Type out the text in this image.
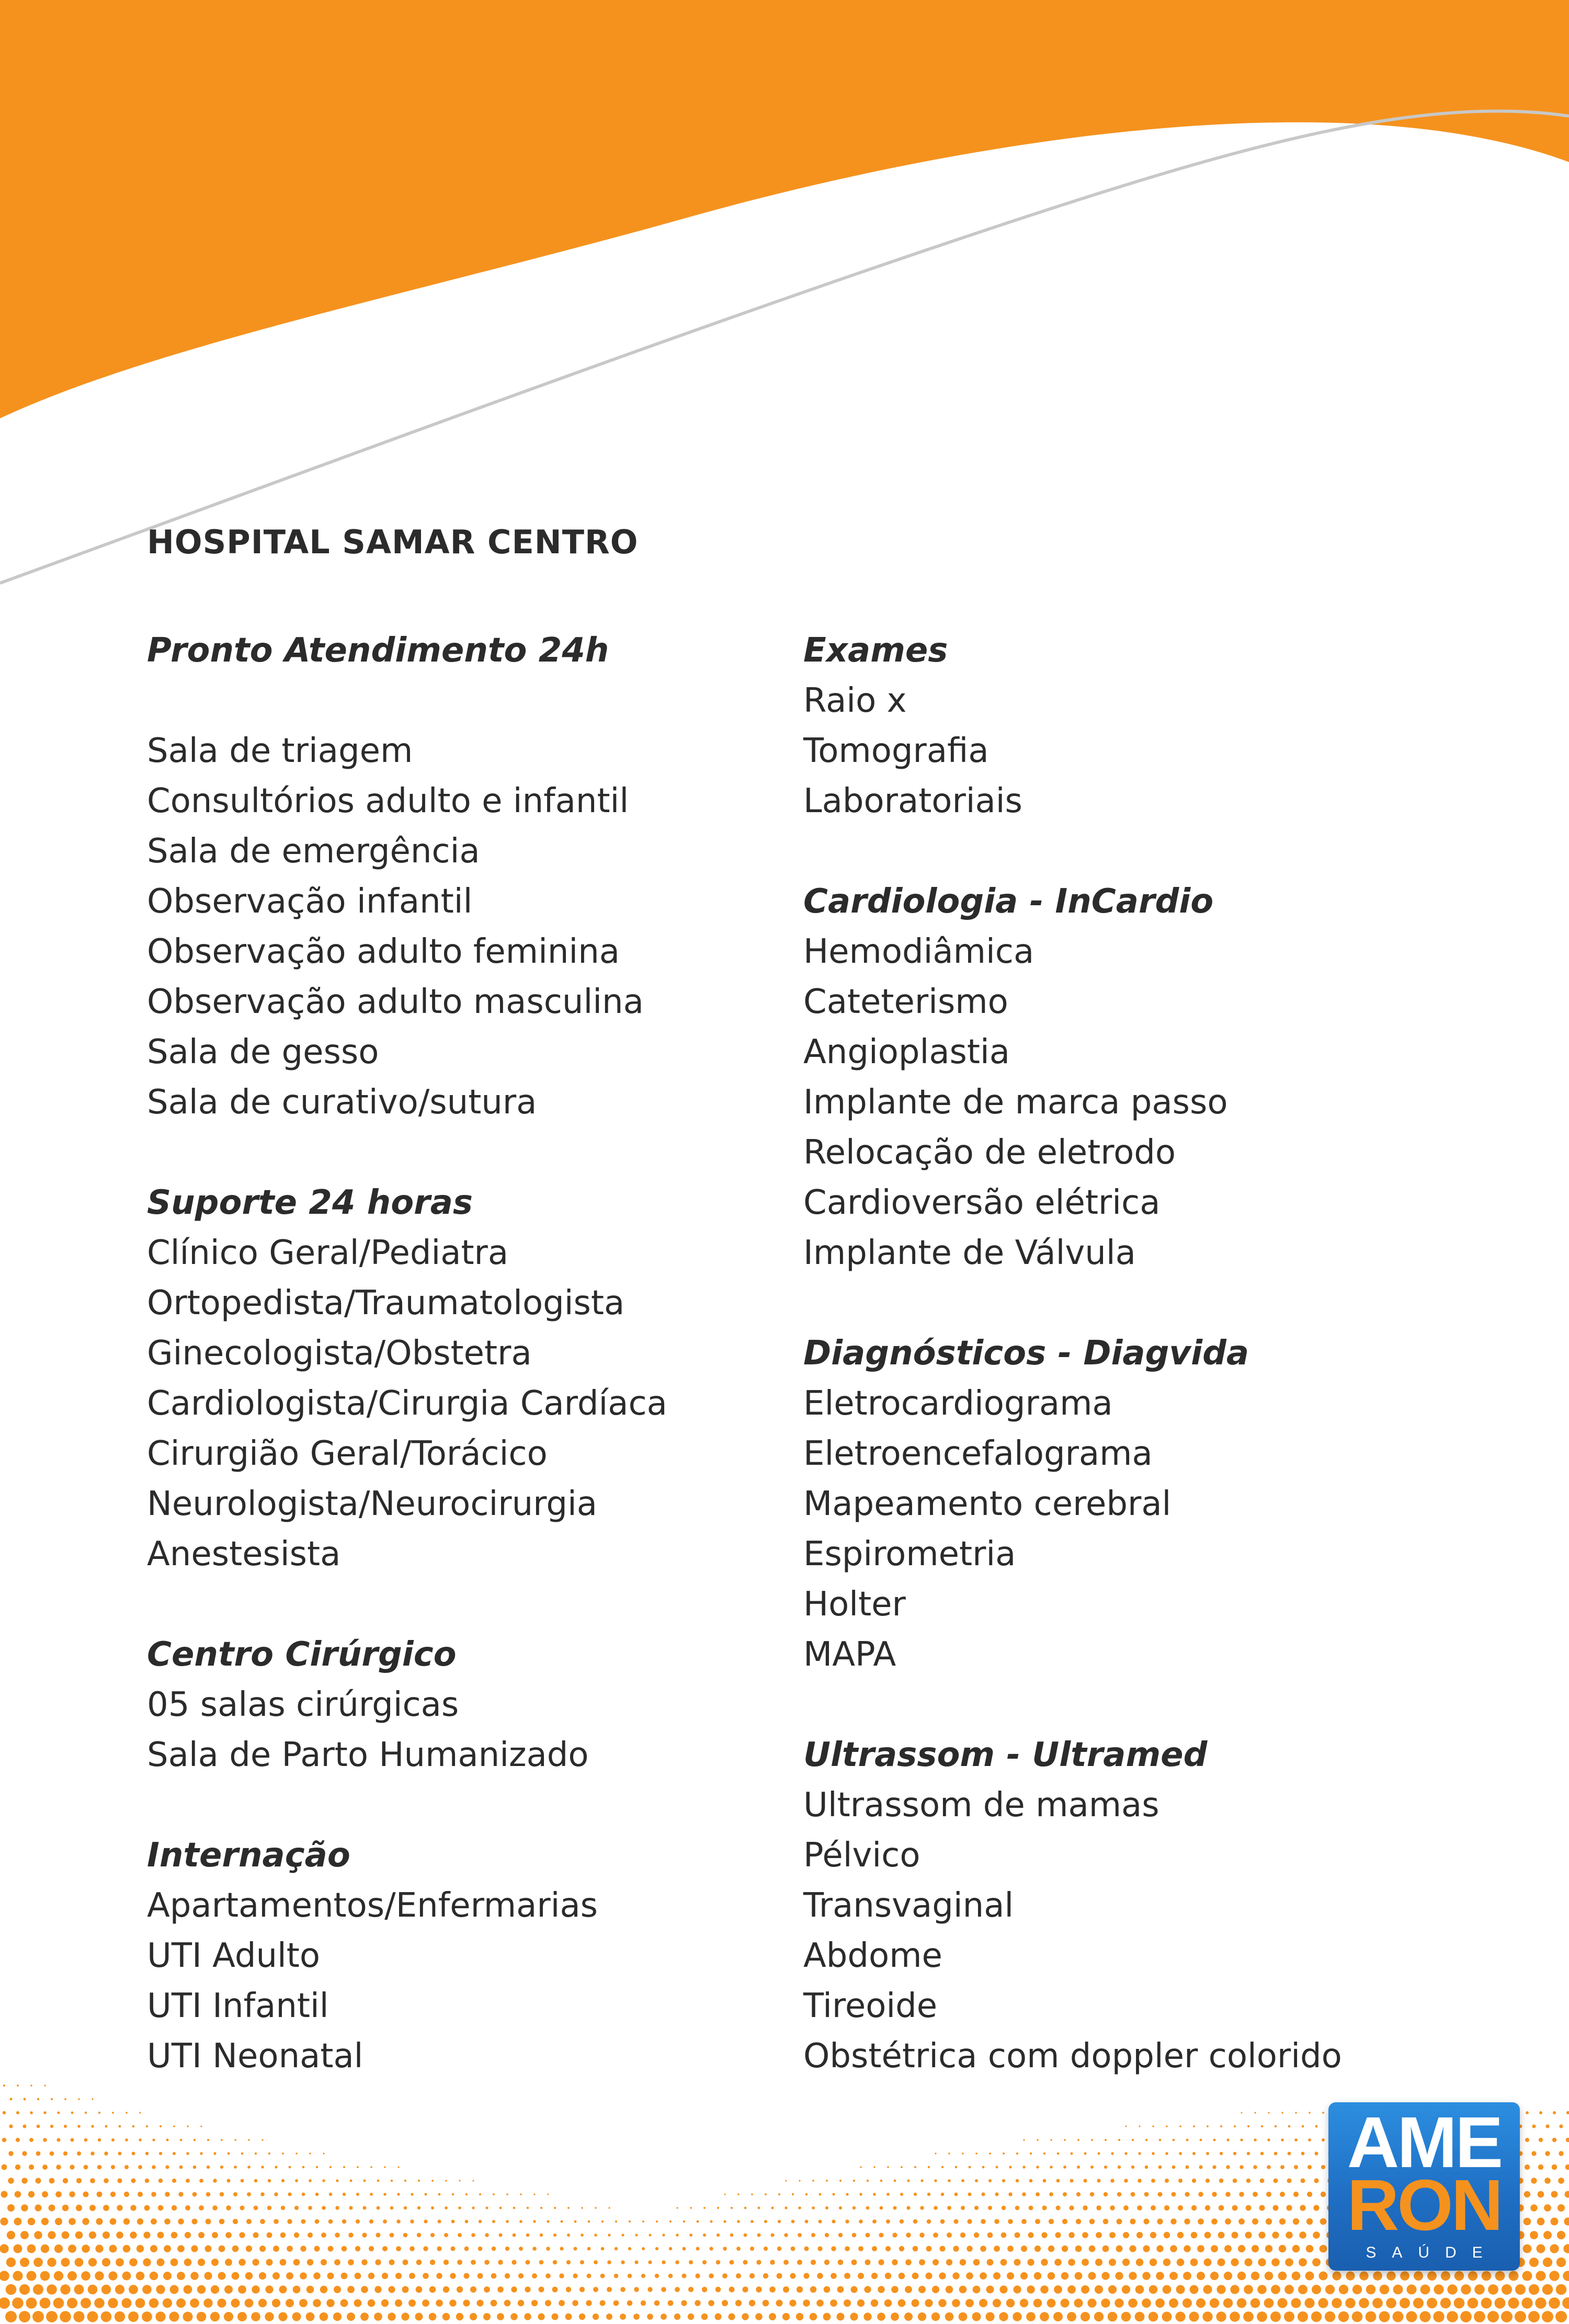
HOSPITAL SAMAR CENTRO
Pronto Atendimento 24h
Sala de triagem
Consultórios adulto e infantil
Sala de emergência
Observação infantil
Observação adulto feminina
Observação adulto masculina
Sala de gesso
Sala de curativo/sutura
Suporte 24 horas
Clínico Geral/Pediatra
Ortopedista/Traumatologista
Ginecologista/Obstetra
Cardiologista/Cirurgia Cardíaca
Cirurgião Geral/Torácico
Neurologista/Neurocirurgia
Anestesista
Centro Cirúrgico
05 salas cirúrgicas
Sala de Parto Humanizado
Internação
Apartamentos/Enfermarias
UTI Adulto
UTI Infantil
UTI Neonatal
Exames
Raio x
Tomografia
Laboratoriais
Cardiologia - InCardio
Hemodiâmica
Cateterismo
Angioplastia
Implante de marca passo
Relocação de eletrodo
Cardioversão elétrica
Implante de Válvula
Diagnósticos - Diagvida
Eletrocardiograma
Eletroencefalograma
Mapeamento cerebral
Espirometria
Holter
MAPA
Ultrassom - Ultramed
Ultrassom de mamas
Pélvico
Transvaginal
Abdome
Tireoide
Obstétrica com doppler colorido
AME
RON
SAÚDE
